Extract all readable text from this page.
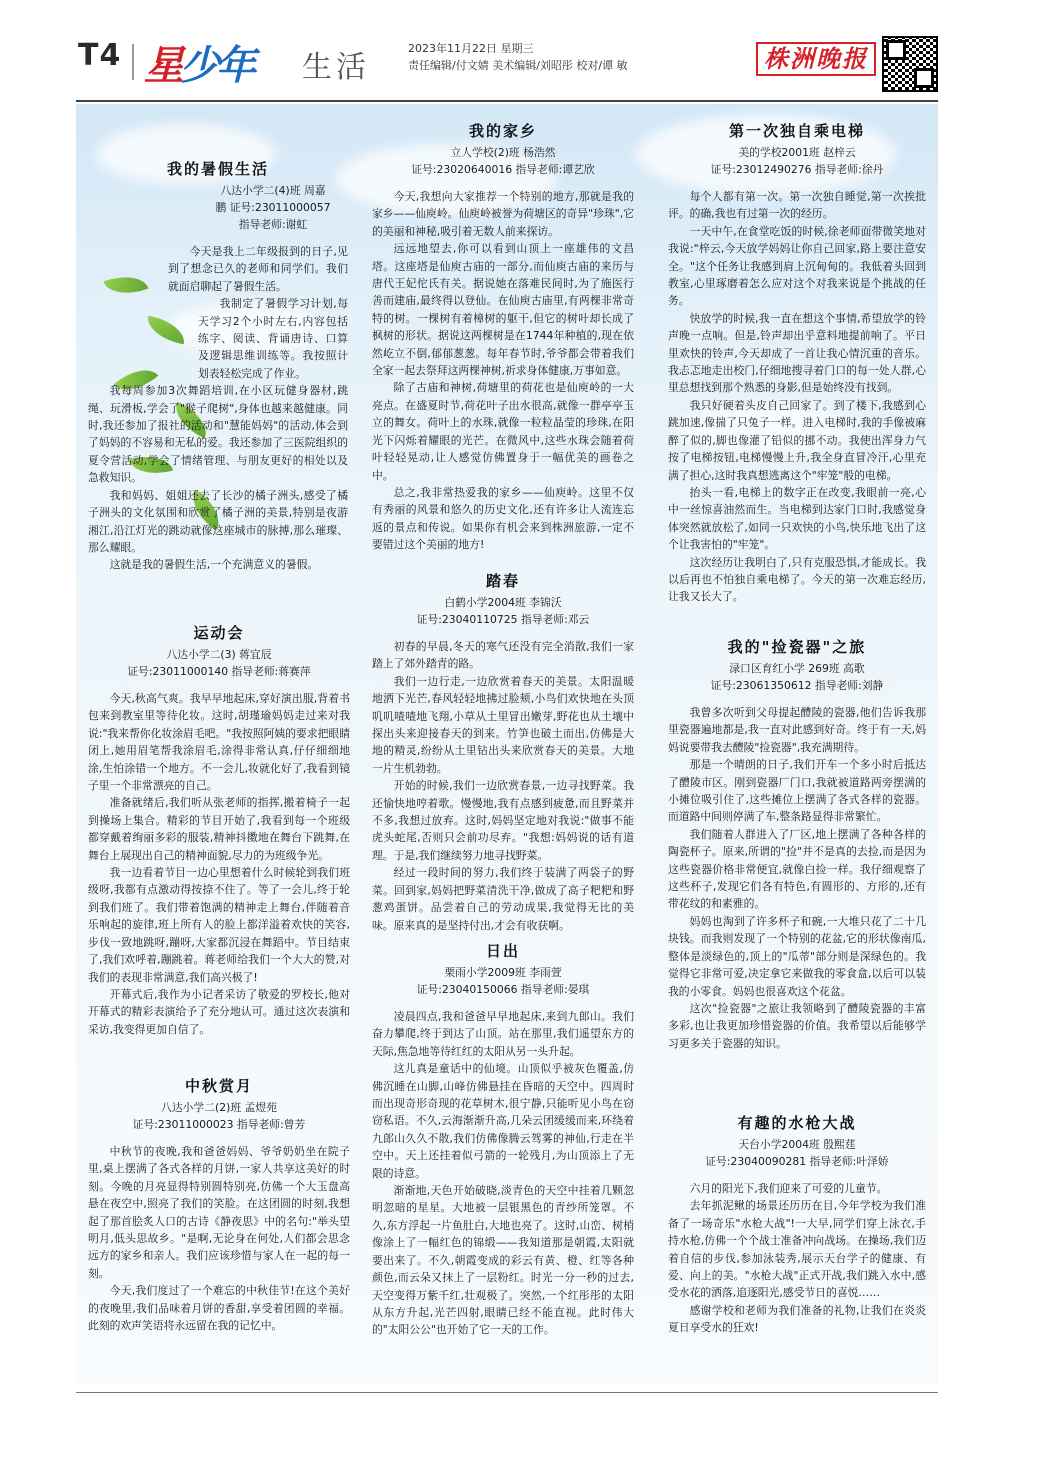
T4 星少年 生活
2023年11月22日 星期三
责任编辑/付文婧 美术编辑/刘昭彤 校对/谭 敏	株洲晚报
我的暑假生活
八达小学二(4)班 周嘉
鹏 证号:23011000057
指导老师:谢虹

今天是我上二年级报到的日子,见到了想念已久的老师和同学们。我们就面启聊起了暑假生活。

我制定了暑假学习计划,每天学习2个小时左右,内容包括练字、阅读、背诵唐诗、口算及逻辑思维训练等。我按照计划表轻松完成了作业。

我每周参加3次舞蹈培训,在小区玩健身器材,跳绳、玩滑板,学会了"猴子爬树",身体也越来越健康。同时,我还参加了报社的活动和"慧能妈妈"的活动,体会到了妈妈的不容易和无私的爱。我还参加了三医院组织的夏令营活动,学会了情绪管理、与朋友更好的相处以及急救知识。

我和妈妈、姐姐还去了长沙的橘子洲头,感受了橘子洲头的文化氛围和欣赏了橘子洲的美景,特别是夜游湘江,沿江灯光的跳动就像这座城市的脉搏,那么璀璨、那么耀眼。

这就是我的暑假生活,一个充满意义的暑假。

运动会
八达小学二(3) 蒋宜辰
证号:23011000140 指导老师:蒋赛萍

今天,秋高气爽。我早早地起床,穿好演出服,背着书包来到教室里等待化妆。这时,胡瑾瑜妈妈走过来对我说:"我来帮你化妆涂眉毛吧。"我按照阿姨的要求把眼睛闭上,她用眉笔帮我涂眉毛,涂得非常认真,仔仔细细地涂,生怕涂错一个地方。不一会儿,妆就化好了,我看到镜子里一个非常漂亮的自己。

准备就绪后,我们听从张老师的指挥,搬着椅子一起到操场上集合。精彩的节目开始了,我看到每一个班级都穿戴着绚丽多彩的服装,精神抖擞地在舞台下跳舞,在舞台上展现出自己的精神面貌,尽力的为班级争光。

我一边看着节目一边心里想着什么时候轮到我们班级呀,我都有点激动得按捺不住了。等了一会儿,终于轮到我们班了。我们带着饱满的精神走上舞台,伴随着音乐响起的旋律,班上所有人的脸上都洋溢着欢快的笑容,步伐一致地跳呀,蹦呀,大家都沉浸在舞蹈中。节目结束了,我们欢呼着,蹦跳着。蒋老师给我们一个大大的赞,对我们的表现非常满意,我们高兴极了!

开幕式后,我作为小记者采访了敬爱的罗校长,他对开幕式的精彩表演给予了充分地认可。通过这次表演和采访,我变得更加自信了。

中秋赏月
八达小学二(2)班 孟煜苑
证号:23011000023 指导老师:曾芳

中秋节的夜晚,我和爸爸妈妈、爷爷奶奶坐在院子里,桌上摆满了各式各样的月饼,一家人共享这美好的时刻。今晚的月亮显得特别圆特别亮,仿佛一个大玉盘高悬在夜空中,照亮了我们的笑脸。在这团圆的时刻,我想起了那首脍炙人口的古诗《静夜思》中的名句:"举头望明月,低头思故乡。"是啊,无论身在何处,人们都会思念远方的家乡和亲人。我们应该珍惜与家人在一起的每一刻。

今天,我们度过了一个难忘的中秋佳节!在这个美好的夜晚里,我们品味着月饼的香甜,享受着团圆的幸福。此刻的欢声笑语将永远留在我的记忆中。

我的家乡
立人学校(2)班 杨浩然
证号:23020640016 指导老师:谭艺欣

今天,我想向大家推荐一个特别的地方,那就是我的家乡——仙庾岭。仙庾岭被誉为荷塘区的奇异"珍珠",它的美丽和神秘,吸引着无数人前来探访。

远远地望去,你可以看到山顶上一座雄伟的文昌塔。这座塔是仙庾古庙的一部分,而仙庾古庙的来历与唐代王妃佗氏有关。据说她在落难民间时,为了施医行善而建庙,最终得以登仙。在仙庾古庙里,有两棵非常奇特的树。一棵树有着樟树的躯干,但它的树叶却长成了枫树的形状。据说这两棵树是在1744年种植的,现在依然屹立不倒,郁郁葱葱。每年春节时,爷爷都会带着我们全家一起去祭拜这两棵神树,祈求身体健康,万事如意。

除了古庙和神树,荷塘里的荷花也是仙庾岭的一大亮点。在盛夏时节,荷花叶子出水很高,就像一群亭亭玉立的舞女。荷叶上的水珠,就像一粒粒晶莹的珍珠,在阳光下闪烁着耀眼的光芒。在微风中,这些水珠会随着荷叶轻轻晃动,让人感觉仿佛置身于一幅优美的画卷之中。

总之,我非常热爱我的家乡——仙庾岭。这里不仅有秀丽的风景和悠久的历史文化,还有许多让人流连忘返的景点和传说。如果你有机会来到株洲旅游,一定不要错过这个美丽的地方!

踏春
白鹤小学2004班 李锦沃
证号:23040110725 指导老师:邓云

初春的早晨,冬天的寒气还没有完全消散,我们一家踏上了郊外踏青的路。

我们一边行走,一边欣赏着春天的美景。太阳温暖地洒下光芒,春风轻轻地拂过脸颊,小鸟们欢快地在头顶叽叽喳喳地飞翔,小草从土里冒出嫩芽,野花也从土壤中探出头来迎接春天的到来。竹笋也破土而出,仿佛是大地的精灵,纷纷从土里钻出头来欣赏春天的美景。大地一片生机勃勃。

开始的时候,我们一边欣赏春景,一边寻找野菜。我还愉快地哼着歌。慢慢地,我有点感到疲惫,而且野菜并不多,我想过放弃。这时,妈妈坚定地对我说:"做事不能虎头蛇尾,否则只会前功尽弃。"我想:妈妈说的话有道理。于是,我们继续努力地寻找野菜。

经过一段时间的努力,我们终于装满了两袋子的野菜。回到家,妈妈把野菜清洗干净,做成了高子粑粑和野葱鸡蛋饼。品尝着自己的劳动成果,我觉得无比的美味。原来真的是坚持付出,才会有收获啊。

日出
栗雨小学2009班 李雨萱
证号:23040150066 指导老师:晏琪

凌晨四点,我和爸爸早早地起床,来到九郎山。我们奋力攀爬,终于到达了山顶。站在那里,我们遥望东方的天际,焦急地等待红红的太阳从另一头升起。

这儿真是童话中的仙境。山顶似乎被灰色覆盖,仿佛沉睡在山脚,山峰仿佛悬挂在昏暗的天空中。四周时而出现奇形奇现的花草树木,很宁静,只能听见小鸟在窃窃私语。不久,云海渐渐升高,几朵云团缓缓而来,环绕着九郎山久久不散,我们仿佛像腾云驾雾的神仙,行走在半空中。天上还挂着似弓箭的一轮残月,为山顶添上了无限的诗意。

渐渐地,天色开始破晓,淡青色的天空中挂着几颗忽明忽暗的星星。大地被一层银黑色的青纱所笼罩。不久,东方浮起一片鱼肚白,大地也亮了。这时,山峦、树梢像涂上了一幅红色的锦缎——我知道那是朝霞,太阳就要出来了。不久,朝霞变成的彩云有黄、橙、红等各种颜色,而云朵又抹上了一层粉红。时光一分一秒的过去,天空变得万紫千红,壮观极了。突然,一个红彤彤的太阳从东方升起,光芒四射,眼睛已经不能直视。此时伟大的"太阳公公"也开始了它一天的工作。

第一次独自乘电梯
美的学校2001班 赵梓云
证号:23012490276 指导老师:徐丹

每个人都有第一次。第一次独自睡觉,第一次挨批评。的确,我也有过第一次的经历。

一天中午,在食堂吃饭的时候,徐老师面带微笑地对我说:"梓云,今天放学妈妈让你自己回家,路上要注意安全。"这个任务让我感到肩上沉甸甸的。我低着头回到教室,心里琢磨着怎么应对这个对我来说是个挑战的任务。

快放学的时候,我一直在想这个事情,希望放学的铃声晚一点响。但是,铃声却出乎意料地提前响了。平日里欢快的铃声,今天却成了一首让我心情沉重的音乐。我忐忑地走出校门,仔细地搜寻着门口的每一处人群,心里总想找到那个熟悉的身影,但是始终没有找到。

我只好硬着头皮自己回家了。到了楼下,我感到心跳加速,像揣了只兔子一样。进入电梯时,我的手像被麻醉了似的,脚也像灌了铅似的挪不动。我使出浑身力气按了电梯按钮,电梯慢慢上升,我全身直冒冷汗,心里充满了担心,这时我真想逃离这个"牢笼"般的电梯。

抬头一看,电梯上的数字正在改变,我眼前一亮,心中一丝惊喜油然而生。当电梯到达家门口时,我感觉身体突然就放松了,如同一只欢快的小鸟,快乐地飞出了这个让我害怕的"牢笼"。

这次经历让我明白了,只有克服恐惧,才能成长。我以后再也不怕独自乘电梯了。今天的第一次难忘经历,让我又长大了。

我的"捡瓷器"之旅
渌口区育红小学 269班 高歌
证号:23061350612 指导老师:刘静

我曾多次听到父母提起醴陵的瓷器,他们告诉我那里瓷器遍地都是,我一直对此感到好奇。终于有一天,妈妈说要带我去醴陵"捡瓷器",我充满期待。

那是一个晴朗的日子,我们开车一个多小时后抵达了醴陵市区。刚到瓷器厂门口,我就被道路两旁摆满的小摊位吸引住了,这些摊位上摆满了各式各样的瓷器。而道路中间则停满了车,整条路显得非常繁忙。

我们随着人群进入了厂区,地上摆满了各种各样的陶瓷杯子。原来,所谓的"捡"并不是真的去捡,而是因为这些瓷器价格非常便宜,就像白捡一样。我仔细观察了这些杯子,发现它们各有特色,有圆形的、方形的,还有带花纹的和素雅的。

妈妈也淘到了许多杯子和碗,一大堆只花了二十几块钱。而我则发现了一个特别的花盆,它的形状像南瓜,整体是淡绿色的,顶上的"瓜蒂"部分则是深绿色的。我觉得它非常可爱,决定拿它来做我的零食盒,以后可以装我的小零食。妈妈也很喜欢这个花盆。

这次"捡瓷器"之旅让我领略到了醴陵瓷器的丰富多彩,也让我更加珍惜瓷器的价值。我希望以后能够学习更多关于瓷器的知识。

有趣的水枪大战
天台小学2004班 殷熙莛
证号:23040090281 指导老师:叶泽娇

六月的阳光下,我们迎来了可爱的儿童节。

去年抓泥鳅的场景还历历在目,今年学校为我们准备了一场奇乐"水枪大战"!一大早,同学们穿上泳衣,手持水枪,仿佛一个个战士准备冲向战场。在操场,我们迈着自信的步伐,参加泳装秀,展示天台学子的健康、有爱、向上的美。"水枪大战"正式开战,我们跳入水中,感受水花的洒落,追逐阳光,感受节日的喜悦……

感谢学校和老师为我们准备的礼物,让我们在炎炎夏日享受水的狂欢!
